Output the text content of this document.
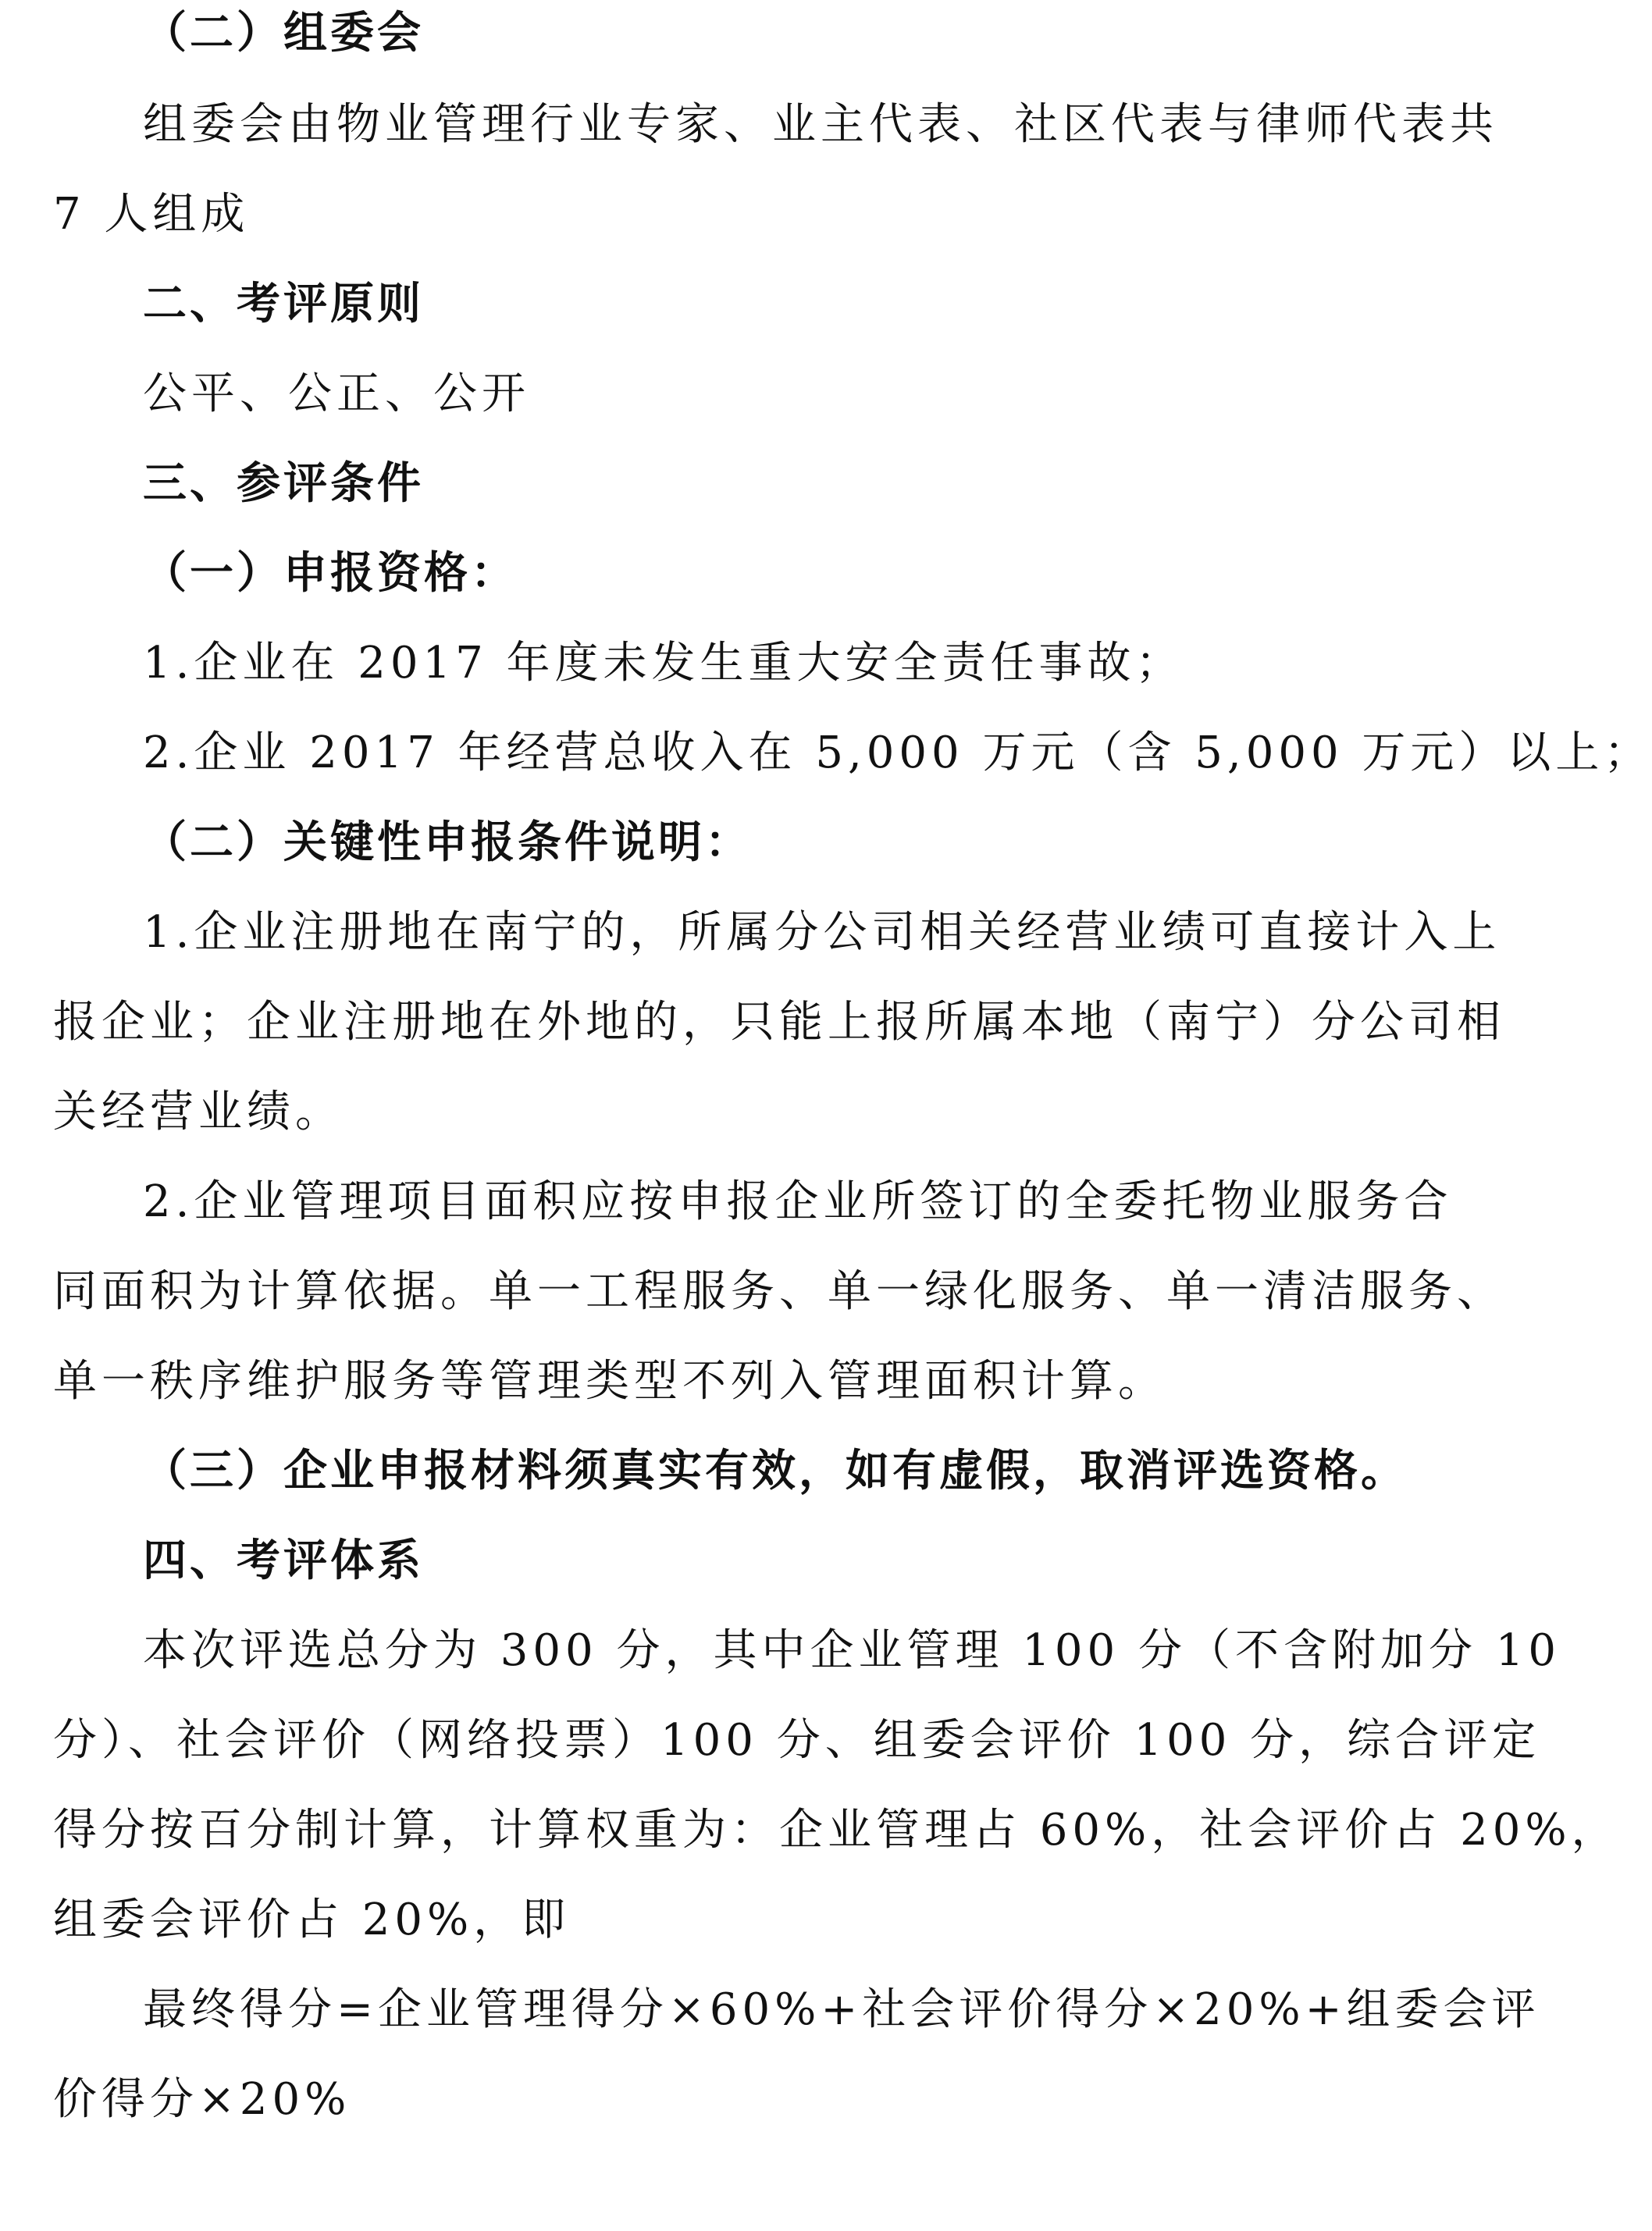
（二）组委会
组委会由物业管理行业专家、业主代表、社区代表与律师代表共
7 人组成
二、考评原则
公平、公正、公开
三、参评条件
（一）申报资格：
1.企业在 2017 年度未发生重大安全责任事故；
2.企业 2017 年经营总收入在 5,000 万元（含 5,000 万元）以上；
（二）关键性申报条件说明：
1.企业注册地在南宁的，所属分公司相关经营业绩可直接计入上
报企业；企业注册地在外地的，只能上报所属本地（南宁）分公司相
关经营业绩。
2.企业管理项目面积应按申报企业所签订的全委托物业服务合
同面积为计算依据。单一工程服务、单一绿化服务、单一清洁服务、
单一秩序维护服务等管理类型不列入管理面积计算。
（三）企业申报材料须真实有效，如有虚假，取消评选资格。
四、考评体系
本次评选总分为 300 分，其中企业管理 100 分（不含附加分 10
分）、社会评价（网络投票）100 分、组委会评价 100 分，综合评定
得分按百分制计算，计算权重为：企业管理占 60%，社会评价占 20%，
组委会评价占 20%，即
最终得分=企业管理得分×60%+社会评价得分×20%+组委会评
价得分×20%
